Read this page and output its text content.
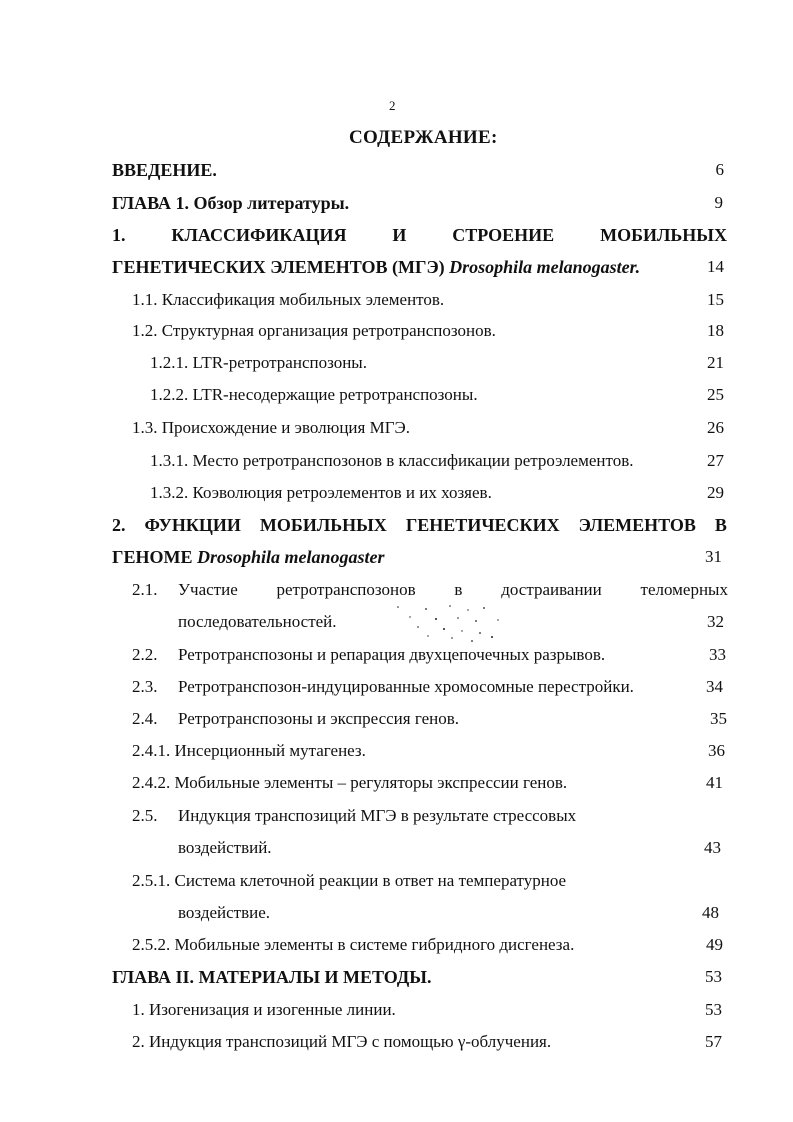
2
СОДЕРЖАНИЕ:
ВВЕДЕНИЕ.	6
ГЛАВА 1. Обзор литературы.	9
1.	КЛАССИФИКАЦИЯ	И	СТРОЕНИЕ	МОБИЛЬНЫХ
ГЕНЕТИЧЕСКИХ ЭЛЕМЕНТОВ (МГЭ) Drosophila melanogaster.	14
1.1. Классификация мобильных элементов.	15
1.2. Структурная организация ретротранспозонов.	18
1.2.1. LTR-ретротранспозоны.	21
1.2.2. LTR-несодержащие ретротранспозоны.	25
1.3. Происхождение и эволюция МГЭ.	26
1.3.1. Место ретротранспозонов в классификации ретроэлементов.	27
1.3.2. Коэволюция ретроэлементов и их хозяев.	29
2. ФУНКЦИИ МОБИЛЬНЫХ ГЕНЕТИЧЕСКИХ ЭЛЕМЕНТОВ В
ГЕНОМЕ Drosophila melanogaster	31
2.1. Участие ретротранспозонов в достраивании теломерных
последовательностей.	32
2.2. Ретротранспозоны и репарация двухцепочечных разрывов.	33
2.3. Ретротранспозон-индуцированные хромосомные перестройки.	34
2.4. Ретротранспозоны и экспрессия генов.	35
2.4.1. Инсерционный мутагенез.	36
2.4.2. Мобильные элементы – регуляторы экспрессии генов.	41
2.5. Индукция транспозиций МГЭ в результате стрессовых
воздействий.	43
2.5.1. Система клеточной реакции в ответ на температурное
воздействие.	48
2.5.2. Мобильные элементы в системе гибридного дисгенеза.	49
ГЛАВА II. МАТЕРИАЛЫ И МЕТОДЫ.	53
1. Изогенизация и изогенные линии.	53
2. Индукция транспозиций МГЭ с помощью γ-облучения.	57
